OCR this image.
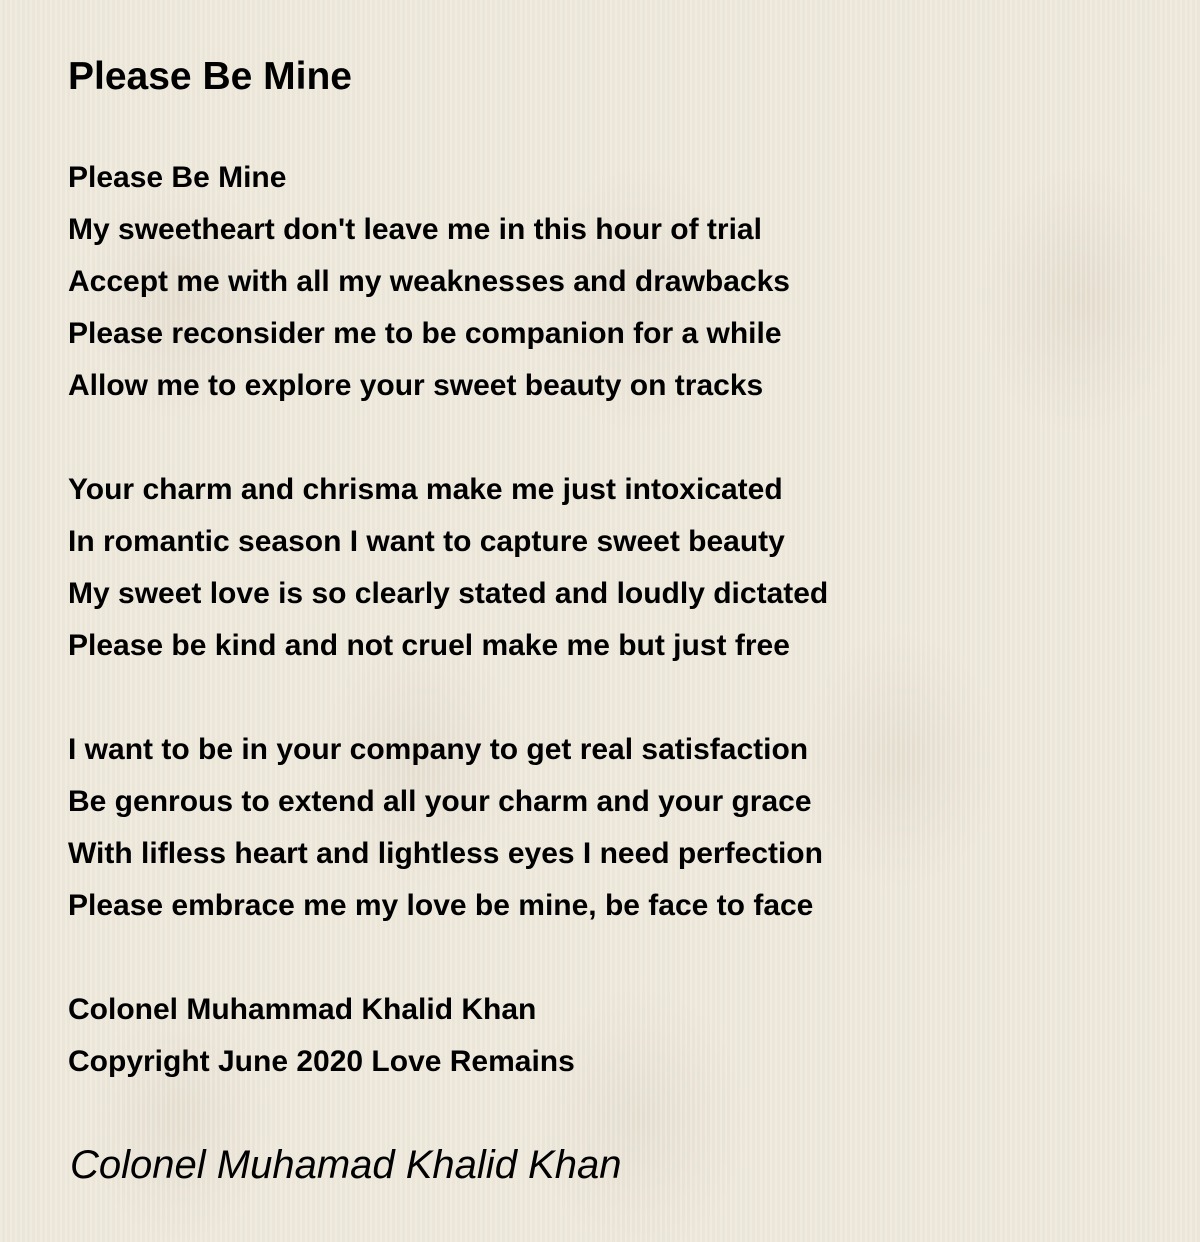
Please Be Mine

Please Be Mine
My sweetheart don't leave me in this hour of trial
Accept me with all my weaknesses and drawbacks
Please reconsider me to be companion for a while
Allow me to explore your sweet beauty on tracks

Your charm and chrisma make me just intoxicated
In romantic season I want to capture sweet beauty
My sweet love is so clearly stated and loudly dictated
Please be kind and not cruel make me but just free

I want to be in your company to get real satisfaction
Be genrous to extend all your charm and your grace
With lifless heart and lightless eyes I need perfection
Please embrace me my love be mine, be face to face

Colonel Muhammad Khalid Khan
Copyright June 2020 Love Remains

Colonel Muhamad Khalid Khan
